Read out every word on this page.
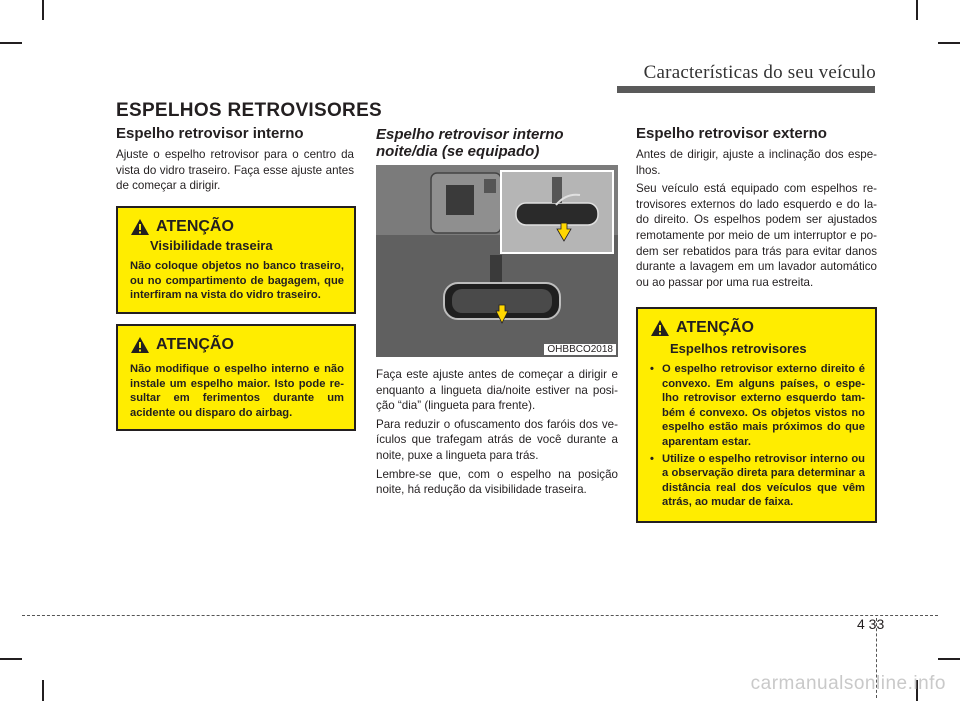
Características do seu veículo
ESPELHOS RETROVISORES
Espelho retrovisor interno

Ajuste o espelho retrovisor para o centro da vista do vidro traseiro. Faça esse ajuste antes de começar a dirigir.

ATENÇÃO
Visibilidade traseira
Não coloque objetos no banco traseiro, ou no compartimento de bagagem, que interfiram na vista do vidro traseiro.
ATENÇÃO
Não modifique o espelho interno e não instale um espelho maior. Isto pode re-sultar em ferimentos durante um acidente ou disparo do airbag.
Espelho retrovisor interno
noite/dia (se equipado)
OHBBCO2018

Faça este ajuste antes de começar a dirigir e enquanto a lingueta dia/noite estiver na posi-ção “dia” (lingueta para frente).

Para reduzir o ofuscamento dos faróis dos ve-ículos que trafegam atrás de você durante a noite, puxe a lingueta para trás.

Lembre-se que, com o espelho na posição noite, há redução da visibilidade traseira.

Espelho retrovisor externo

Antes de dirigir, ajuste a inclinação dos espe-lhos.

Seu veículo está equipado com espelhos re-trovisores externos do lado esquerdo e do la-do direito. Os espelhos podem ser ajustados remotamente por meio de um interruptor e po-dem ser rebatidos para trás para evitar danos durante a lavagem em um lavador automático ou ao passar por uma rua estreita.

ATENÇÃO
Espelhos retrovisores
• O espelho retrovisor externo direito é convexo. Em alguns países, o espe-lho retrovisor externo esquerdo tam-bém é convexo. Os objetos vistos no espelho estão mais próximos do que aparentam estar.
• Utilize o espelho retrovisor interno ou a observação direta para determinar a distância real dos veículos que vêm atrás, ao mudar de faixa.
4 33
carmanualsonline.info
